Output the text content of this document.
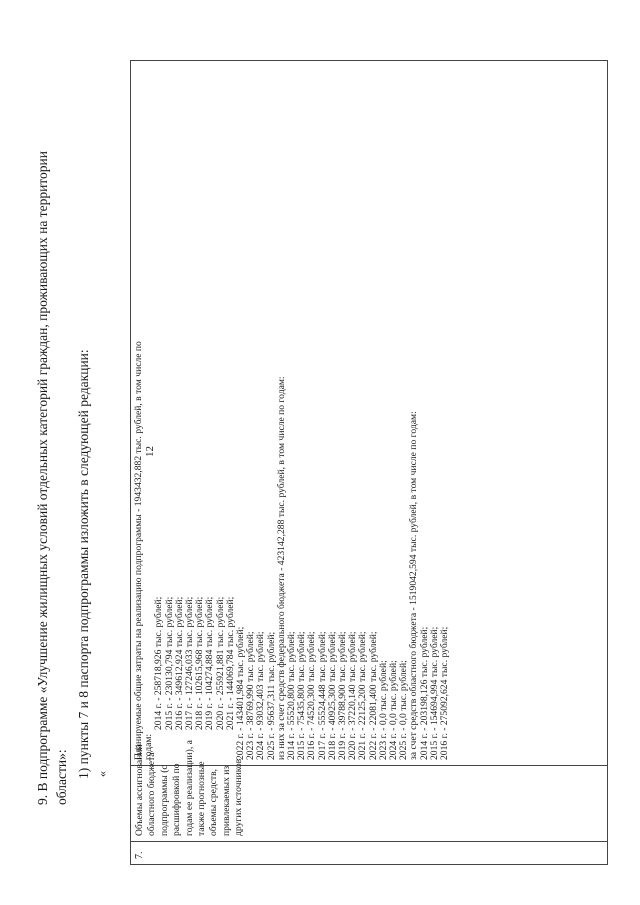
12
9. В подпрограмме «Улучшение жилищных условий отдельных категорий граждан, проживающих на территории области»: 1) пункты 7 и 8 паспорта подпрограммы изложить в следующей редакции: «
7.
Объемы ассигнований областного бюджета подпрограммы (с расшифровкой по годам ее реализации), а также прогнозные объемы средств, привлекаемых из других источников
Планируемые общие затраты на реализацию подпрограммы - 1943432,882 тыс. рублей, в том числе по годам:
2014 г. - 258718,926 тыс. рублей; 2015 г. - 230130,794 тыс. рублей; 2016 г. - 349612,924 тыс. рублей; 2017 г. - 127246,033 тыс. рублей; 2018 г. - 102615,968 тыс. рублей; 2019 г. - 104274,884 тыс. рублей; 2020 г. - 255921,881 тыс. рублей; 2021 г. - 144069,784 тыс. рублей; 2022 г. - 143401,984 тыс. рублей; 2023 г. - 38769,990 тыс. рублей; 2024 г. - 93032,403 тыс. рублей; 2025 г. - 95637,311 тыс. рублей; из них за счет средств федерального бюджета - 423142,288 тыс. рублей, в том числе по годам: 2014 г. - 55520,800 тыс. рублей; 2015 г. - 75435,800 тыс. рублей; 2016 г. - 74520,300 тыс. рублей; 2017 г. - 55524,448 тыс. рублей; 2018 г. - 40925,300 тыс. рублей; 2019 г. - 39788,900 тыс. рублей; 2020 г. - 37220,140 тыс. рублей; 2021 г. - 22125,200 тыс. рублей; 2022 г. - 22081,400 тыс. рублей; 2023 г. - 0,0 тыс. рублей; 2024 г. - 0,0 тыс. рублей; 2025 г. - 0,0 тыс. рублей; за счет средств областного бюджета - 1519042,594 тыс. рублей, в том числе по годам: 2014 г. - 203198,126 тыс. рублей; 2015 г. - 154694,994 тыс. рублей; 2016 г. - 275092,624 тыс. рублей;
